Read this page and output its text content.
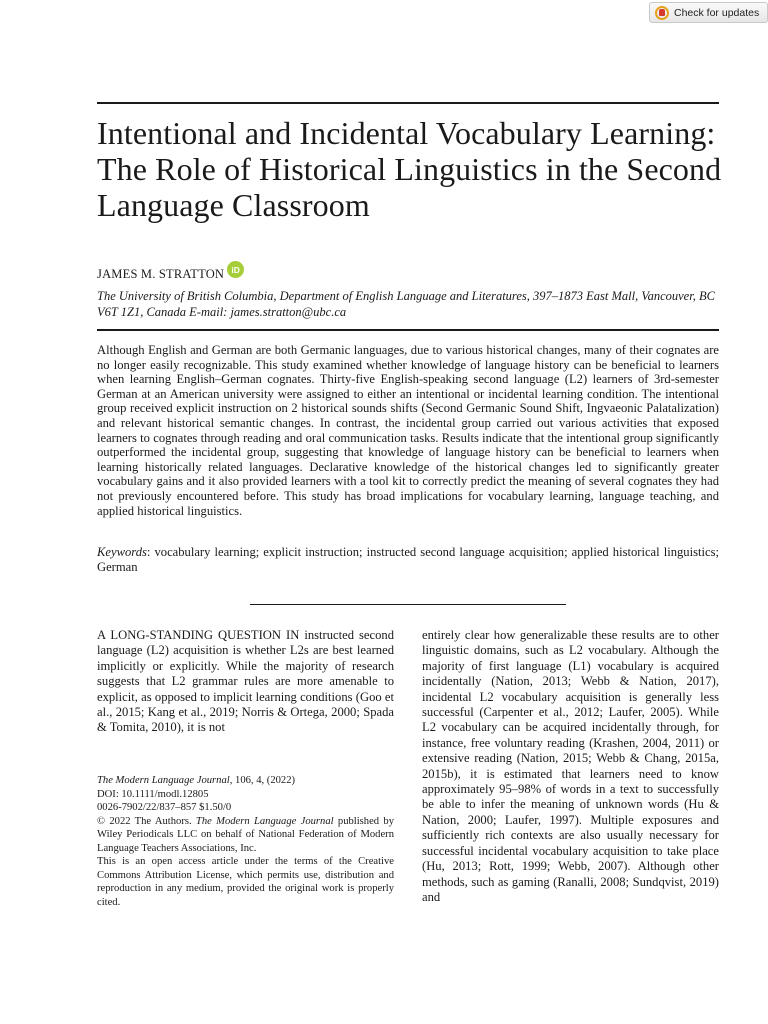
Check for updates
Intentional and Incidental Vocabulary Learning: The Role of Historical Linguistics in the Second Language Classroom
JAMES M. STRATTON iD
The University of British Columbia, Department of English Language and Literatures, 397–1873 East Mall, Vancouver, BC V6T 1Z1, Canada E-mail: james.stratton@ubc.ca

Although English and German are both Germanic languages, due to various historical changes, many of their cognates are no longer easily recognizable. This study examined whether knowledge of language history can be beneficial to learners when learning English–German cognates. Thirty-five English-speaking second language (L2) learners of 3rd-semester German at an American university were assigned to either an intentional or incidental learning condition. The intentional group received explicit instruction on 2 historical sounds shifts (Second Germanic Sound Shift, Ingvaeonic Palatalization) and relevant historical semantic changes. In contrast, the incidental group carried out various activities that exposed learners to cognates through reading and oral communication tasks. Results indicate that the intentional group significantly outperformed the incidental group, suggesting that knowledge of language history can be beneficial to learners when learning historically related languages. Declarative knowledge of the historical changes led to significantly greater vocabulary gains and it also provided learners with a tool kit to correctly predict the meaning of several cognates they had not previously encountered before. This study has broad implications for vocabulary learning, language teaching, and applied historical linguistics.

Keywords: vocabulary learning; explicit instruction; instructed second language acquisition; applied historical linguistics; German

A LONG-STANDING QUESTION IN instructed second language (L2) acquisition is whether L2s are best learned implicitly or explicitly. While the majority of research suggests that L2 grammar rules are more amenable to explicit, as opposed to implicit learning conditions (Goo et al., 2015; Kang et al., 2019; Norris & Ortega, 2000; Spada & Tomita, 2010), it is not

The Modern Language Journal, 106, 4, (2022)
DOI: 10.1111/modl.12805
0026-7902/22/837–857 $1.50/0
© 2022 The Authors. The Modern Language Journal published by Wiley Periodicals LLC on behalf of National Federation of Modern Language Teachers Associations, Inc.
This is an open access article under the terms of the Creative Commons Attribution License, which permits use, distribution and reproduction in any medium, provided the original work is properly cited.

entirely clear how generalizable these results are to other linguistic domains, such as L2 vocabulary. Although the majority of first language (L1) vocabulary is acquired incidentally (Nation, 2013; Webb & Nation, 2017), incidental L2 vocabulary acquisition is generally less successful (Carpenter et al., 2012; Laufer, 2005). While L2 vocabulary can be acquired incidentally through, for instance, free voluntary reading (Krashen, 2004, 2011) or extensive reading (Nation, 2015; Webb & Chang, 2015a, 2015b), it is estimated that learners need to know approximately 95–98% of words in a text to successfully be able to infer the meaning of unknown words (Hu & Nation, 2000; Laufer, 1997). Multiple exposures and sufficiently rich contexts are also usually necessary for successful incidental vocabulary acquisition to take place (Hu, 2013; Rott, 1999; Webb, 2007). Although other methods, such as gaming (Ranalli, 2008; Sundqvist, 2019) and
